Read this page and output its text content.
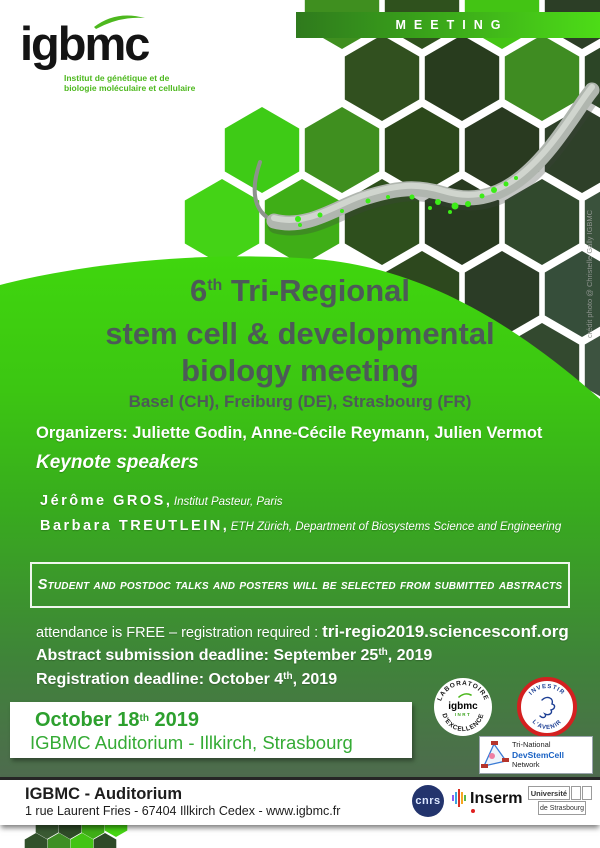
MEETING
crédit photo @ Christelle Gally IGBMC
igbmc
Institut de génétique et de
biologie moléculaire et cellulaire
6th Tri-Regional
stem cell & developmental
biology meeting
Basel (CH), Freiburg (DE), Strasbourg (FR)
Organizers: Juliette Godin, Anne-Cécile Reymann, Julien Vermot
Keynote speakers
Jérôme GROS, Institut Pasteur, Paris
Barbara TREUTLEIN, ETH Zürich, Department of Biosystems Science and Engineering
Student and postdoc talks and posters will be selected from submitted abstracts
attendance is FREE – registration required : tri-regio2019.sciencesconf.org
Abstract submission deadline: September 25th, 2019
Registration deadline: October 4th, 2019
October 18th 2019
IGBMC Auditorium - Illkirch, Strasbourg
LABORATOIRE
D'EXCELLENCE
igbmc
INRT
INVESTIR
L'AVENIR
Tri-National
DevStemCell
Network
IGBMC - Auditorium
1 rue Laurent Fries - 67404 Illkirch Cedex - www.igbmc.fr
cnrs Inserm	Université
de Strasbourg
